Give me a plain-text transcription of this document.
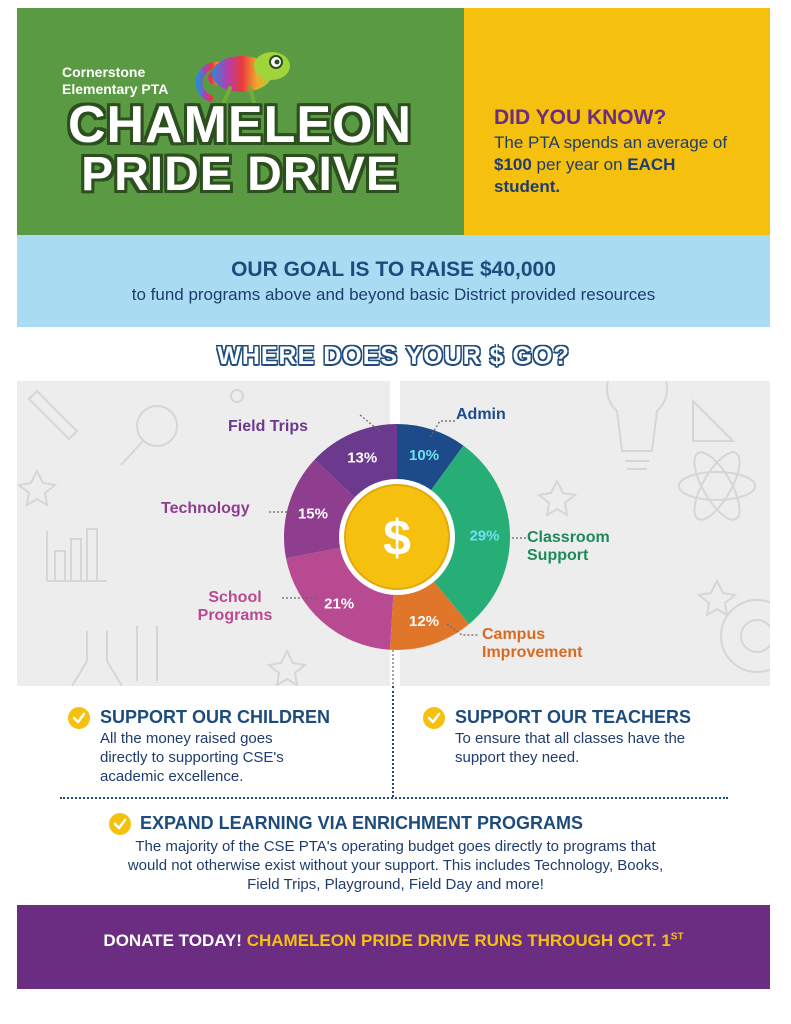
Cornerstone
Elementary PTA
CHAMELEON
PRIDE DRIVE
DID YOU KNOW?
The PTA spends an average of $100 per year on EACH student.
OUR GOAL IS TO RAISE $40,000
to fund programs above and beyond basic District provided resources
WHERE DOES YOUR $ GO?
$
10%
29%
12%
21%
15%
13%
Field Trips
Admin
Technology
Classroom Support
School Programs
Campus Improvement
SUPPORT OUR CHILDREN
All the money raised goes
directly to supporting CSE's
academic excellence.
SUPPORT OUR TEACHERS
To ensure that all classes have the
support they need.
EXPAND LEARNING VIA ENRICHMENT PROGRAMS
The majority of the CSE PTA's operating budget goes directly to programs that
would not otherwise exist without your support. This includes Technology, Books,
Field Trips, Playground, Field Day and more!
DONATE TODAY! CHAMELEON PRIDE DRIVE RUNS THROUGH OCT. 1ST
